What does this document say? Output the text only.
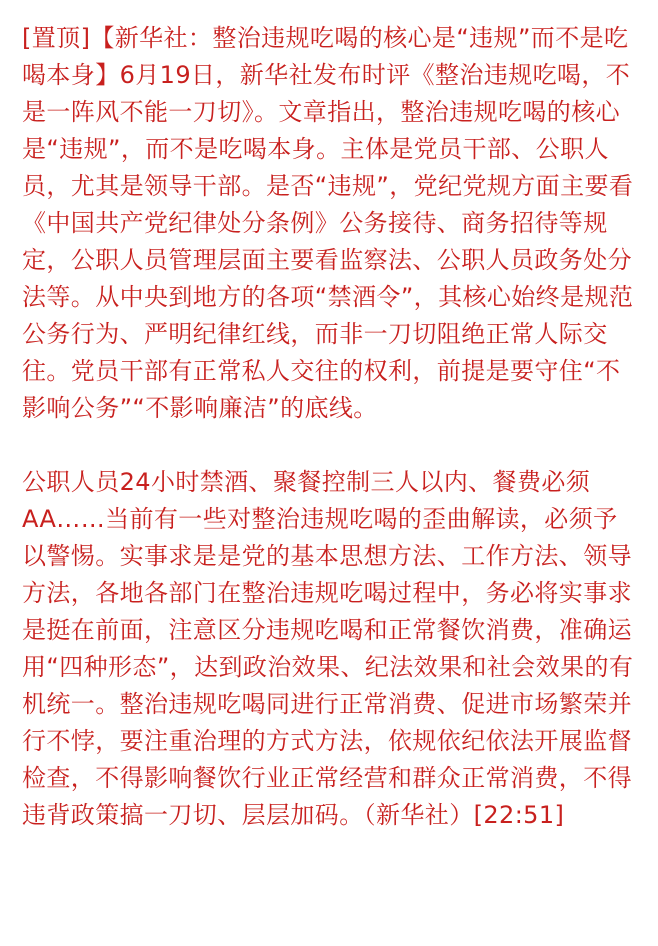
[置顶]【新华社：整治违规吃喝的核心是“违规”而不是吃喝本身】6月19日，新华社发布时评《整治违规吃喝，不是一阵风不能一刀切》。文章指出，整治违规吃喝的核心是“违规”，而不是吃喝本身。主体是党员干部、公职人员，尤其是领导干部。是否“违规”，党纪党规方面主要看《中国共产党纪律处分条例》公务接待、商务招待等规定，公职人员管理层面主要看监察法、公职人员政务处分法等。从中央到地方的各项“禁酒令”，其核心始终是规范公务行为、严明纪律红线，而非一刀切阻绝正常人际交往。党员干部有正常私人交往的权利，前提是要守住“不影响公务”“不影响廉洁”的底线。

公职人员24小时禁酒、聚餐控制三人以内、餐费必须AA……当前有一些对整治违规吃喝的歪曲解读，必须予以警惕。实事求是是党的基本思想方法、工作方法、领导方法，各地各部门在整治违规吃喝过程中，务必将实事求是挺在前面，注意区分违规吃喝和正常餐饮消费，准确运用“四种形态”，达到政治效果、纪法效果和社会效果的有机统一。整治违规吃喝同进行正常消费、促进市场繁荣并行不悖，要注重治理的方式方法，依规依纪依法开展监督检查，不得影响餐饮行业正常经营和群众正常消费，不得违背政策搞一刀切、层层加码。（新华社）[22:51]
